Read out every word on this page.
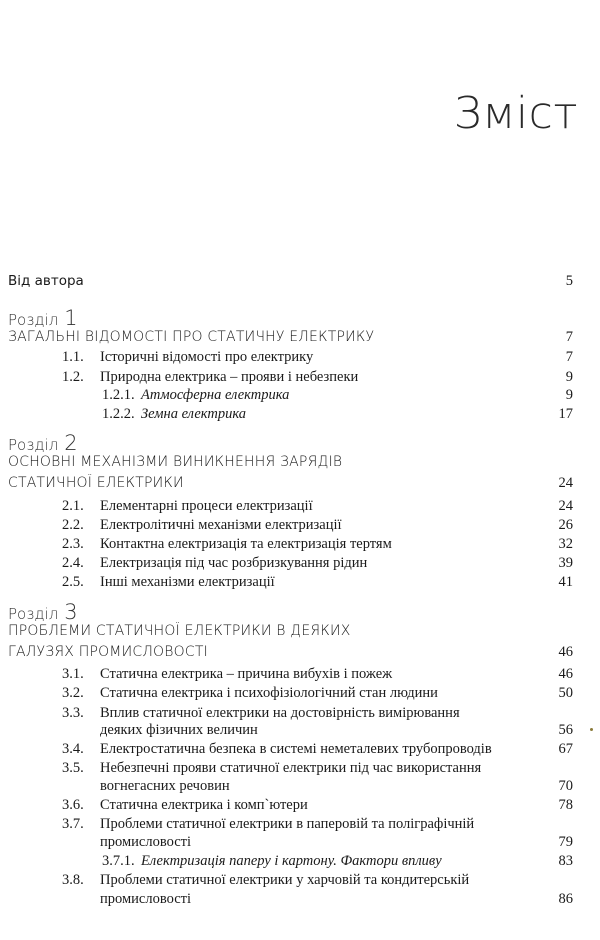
Зміст
Від автора	5
Розділ 1
ЗАГАЛЬНІ ВІДОМОСТІ ПРО СТАТИЧНУ ЕЛЕКТРИКУ	7
1.1. Історичні відомості про електрику	7
1.2. Природна електрика – прояви і небезпеки	9
1.2.1. Атмосферна електрика	9
1.2.2. Земна електрика	17
Розділ 2
ОСНОВНІ МЕХАНІЗМИ ВИНИКНЕННЯ ЗАРЯДІВ
СТАТИЧНОЇ ЕЛЕКТРИКИ	24
2.1. Елементарні процеси електризації	24
2.2. Електролітичні механізми електризації	26
2.3. Контактна електризація та електризація тертям	32
2.4. Електризація під час розбризкування рідин	39
2.5. Інші механізми електризації	41
Розділ 3
ПРОБЛЕМИ СТАТИЧНОЇ ЕЛЕКТРИКИ В ДЕЯКИХ
ГАЛУЗЯХ ПРОМИСЛОВОСТІ	46
3.1. Статична електрика – причина вибухів і пожеж	46
3.2. Статична електрика і психофізіологічний стан людини	50
3.3. Вплив статичної електрики на достовірність вимірювання
деяких фізичних величин	56
3.4. Електростатична безпека в системі неметалевих трубопроводів	67
3.5. Небезпечні прояви статичної електрики під час використання
вогнегасних речовин	70
3.6. Статична електрика і комп`ютери	78
3.7. Проблеми статичної електрики в паперовій та поліграфічній
промисловості	79
3.7.1. Електризація паперу і картону. Фактори впливу	83
3.8. Проблеми статичної електрики у харчовій та кондитерській
промисловості	86
